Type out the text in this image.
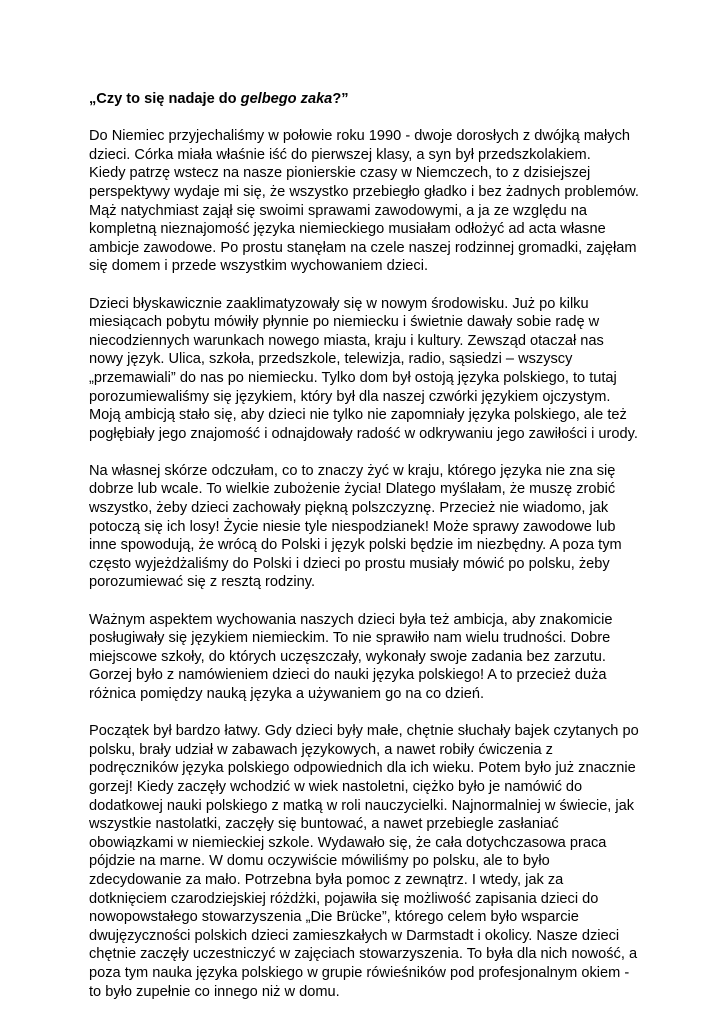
„Czy to się nadaje do gelbego zaka?”
Do Niemiec przyjechaliśmy w połowie roku 1990 - dwoje dorosłych z dwójką małych
dzieci. Córka miała właśnie iść do pierwszej klasy, a syn był przedszkolakiem.
Kiedy patrzę wstecz na nasze pionierskie czasy w Niemczech, to z dzisiejszej
perspektywy wydaje mi się, że wszystko przebiegło gładko i bez żadnych problemów.
Mąż natychmiast zajął się swoimi sprawami zawodowymi, a ja ze względu na
kompletną nieznajomość języka niemieckiego musiałam odłożyć ad acta własne
ambicje zawodowe. Po prostu stanęłam na czele naszej rodzinnej gromadki, zajęłam
się domem i przede wszystkim wychowaniem dzieci.
Dzieci błyskawicznie zaaklimatyzowały się w nowym środowisku. Już po kilku
miesiącach pobytu mówiły płynnie po niemiecku i świetnie dawały sobie radę w
niecodziennych warunkach nowego miasta, kraju i kultury. Zewsząd otaczał nas
nowy język. Ulica, szkoła, przedszkole, telewizja, radio, sąsiedzi – wszyscy
„przemawiali” do nas po niemiecku. Tylko dom był ostoją języka polskiego, to tutaj
porozumiewaliśmy się językiem, który był dla naszej czwórki językiem ojczystym.
Moją ambicją stało się, aby dzieci nie tylko nie zapomniały języka polskiego, ale też
pogłębiały jego znajomość i odnajdowały radość w odkrywaniu jego zawiłości i urody.
Na własnej skórze odczułam, co to znaczy żyć w kraju, którego języka nie zna się
dobrze lub wcale. To wielkie zubożenie życia! Dlatego myślałam, że muszę zrobić
wszystko, żeby dzieci zachowały piękną polszczyznę. Przecież nie wiadomo, jak
potoczą się ich losy! Życie niesie tyle niespodzianek! Może sprawy zawodowe lub
inne spowodują, że wrócą do Polski i język polski będzie im niezbędny. A poza tym
często wyjeżdżaliśmy do Polski i dzieci po prostu musiały mówić po polsku, żeby
porozumiewać się z resztą rodziny.
Ważnym aspektem wychowania naszych dzieci była też ambicja, aby znakomicie
posługiwały się językiem niemieckim. To nie sprawiło nam wielu trudności. Dobre
miejscowe szkoły, do których uczęszczały, wykonały swoje zadania bez zarzutu.
Gorzej było z namówieniem dzieci do nauki języka polskiego! A to przecież duża
różnica pomiędzy nauką języka a używaniem go na co dzień.
Początek był bardzo łatwy. Gdy dzieci były małe, chętnie słuchały bajek czytanych po
polsku, brały udział w zabawach językowych, a nawet robiły ćwiczenia z
podręczników języka polskiego odpowiednich dla ich wieku. Potem było już znacznie
gorzej! Kiedy zaczęły wchodzić w wiek nastoletni, ciężko było je namówić do
dodatkowej nauki polskiego z matką w roli nauczycielki. Najnormalniej w świecie, jak
wszystkie nastolatki, zaczęły się buntować, a nawet przebiegle zasłaniać
obowiązkami w niemieckiej szkole. Wydawało się, że cała dotychczasowa praca
pójdzie na marne. W domu oczywiście mówiliśmy po polsku, ale to było
zdecydowanie za mało. Potrzebna była pomoc z zewnątrz. I wtedy, jak za
dotknięciem czarodziejskiej różdżki, pojawiła się możliwość zapisania dzieci do
nowopowstałego stowarzyszenia „Die Brücke”, którego celem było wsparcie
dwujęzyczności polskich dzieci zamieszkałych w Darmstadt i okolicy. Nasze dzieci
chętnie zaczęły uczestniczyć w zajęciach stowarzyszenia. To była dla nich nowość, a
poza tym nauka języka polskiego w grupie rówieśników pod profesjonalnym okiem -
to było zupełnie co innego niż w domu.
